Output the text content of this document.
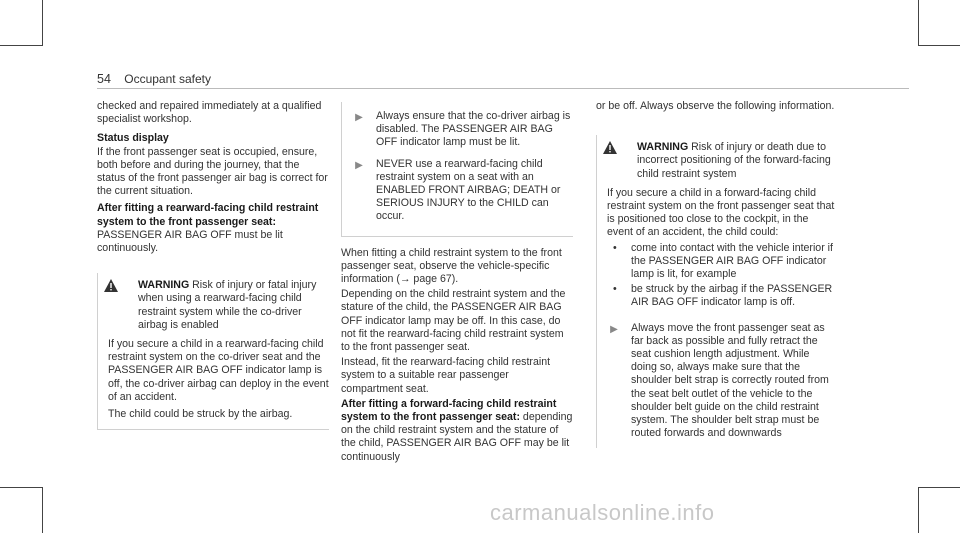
54 Occupant safety

checked and repaired immediately at a qualified specialist workshop.

Status display

If the front passenger seat is occupied, ensure, both before and during the journey, that the status of the front passenger air bag is correct for the current situation.

After fitting a rearward-facing child restraint system to the front passenger seat: PASSENGER AIR BAG OFF must be lit continuously.

WARNING Risk of injury or fatal injury when using a rearward-facing child restraint system while the co-driver airbag is enabled

If you secure a child in a rearward-facing child restraint system on the co-driver seat and the PASSENGER AIR BAG OFF indicator lamp is off, the co-driver airbag can deploy in the event of an accident.

The child could be struck by the airbag.

▶	Always ensure that the co-driver airbag is disabled. The PASSENGER AIR BAG OFF indicator lamp must be lit.
▶	NEVER use a rearward-facing child restraint system on a seat with an ENABLED FRONT AIRBAG; DEATH or SERIOUS INJURY to the CHILD can occur.

When fitting a child restraint system to the front passenger seat, observe the vehicle-specific information (→ page 67).

Depending on the child restraint system and the stature of the child, the PASSENGER AIR BAG OFF indicator lamp may be off. In this case, do not fit the rearward-facing child restraint system to the front passenger seat.

Instead, fit the rearward-facing child restraint system to a suitable rear passenger compartment seat.

After fitting a forward-facing child restraint system to the front passenger seat: depending on the child restraint system and the stature of the child, PASSENGER AIR BAG OFF may be lit continuously

or be off. Always observe the following information.

WARNING Risk of injury or death due to incorrect positioning of the forward-facing child restraint system

If you secure a child in a forward-facing child restraint system on the front passenger seat that is positioned too close to the cockpit, in the event of an accident, the child could:

•	come into contact with the vehicle interior if the PASSENGER AIR BAG OFF indicator lamp is lit, for example
•	be struck by the airbag if the PASSENGER AIR BAG OFF indicator lamp is off.
▶	Always move the front passenger seat as far back as possible and fully retract the seat cushion length adjustment. While doing so, always make sure that the shoulder belt strap is correctly routed from the seat belt outlet of the vehicle to the shoulder belt guide on the child restraint system. The shoulder belt strap must be routed forwards and downwards
carmanualsonline.info
